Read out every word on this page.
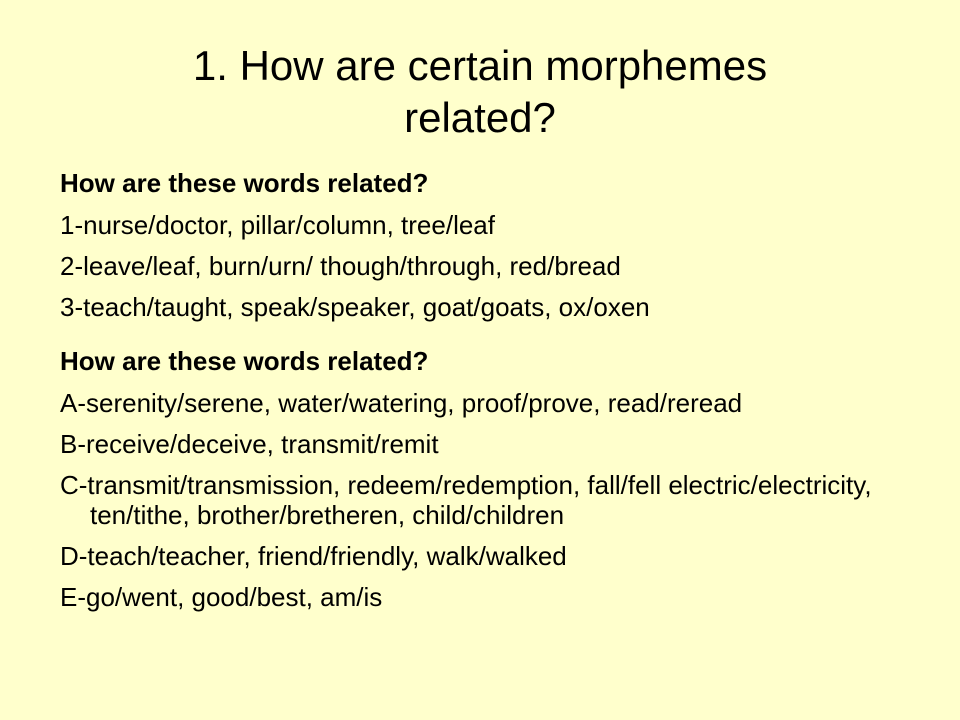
1. How are certain morphemes
related?
How are these words related?
1-nurse/doctor, pillar/column, tree/leaf
2-leave/leaf, burn/urn/ though/through, red/bread
3-teach/taught, speak/speaker, goat/goats, ox/oxen
How are these words related?
A-serenity/serene, water/watering, proof/prove, read/reread
B-receive/deceive, transmit/remit
C-transmit/transmission, redeem/redemption, fall/fell electric/electricity, ten/tithe, brother/bretheren, child/children
D-teach/teacher, friend/friendly, walk/walked
E-go/went, good/best, am/is
